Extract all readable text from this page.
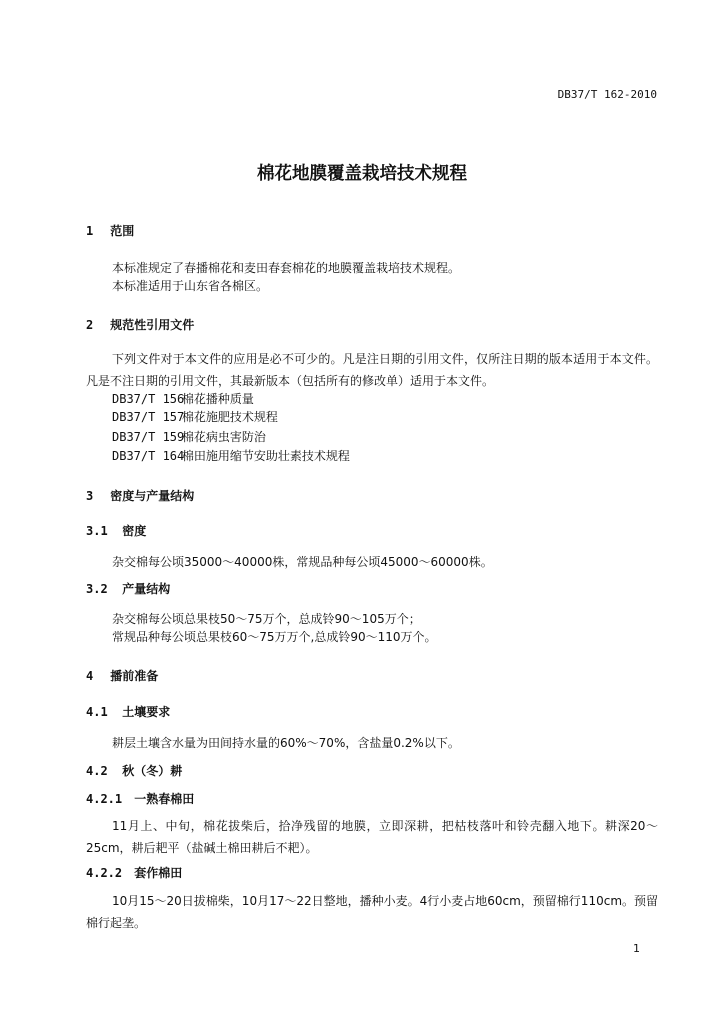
DB37/T 162-2010
棉花地膜覆盖栽培技术规程
1 范围
本标准规定了春播棉花和麦田春套棉花的地膜覆盖栽培技术规程。
本标准适用于山东省各棉区。
2 规范性引用文件
下列文件对于本文件的应用是必不可少的。凡是注日期的引用文件，仅所注日期的版本适用于本文件。凡是不注日期的引用文件，其最新版本（包括所有的修改单）适用于本文件。
DB37/T 156 棉花播种质量
DB37/T 157 棉花施肥技术规程
DB37/T 159 棉花病虫害防治
DB37/T 164 棉田施用缩节安助壮素技术规程
3 密度与产量结构
3.1 密度
杂交棉每公顷35000～40000株，常规品种每公顷45000～60000株。
3.2 产量结构
杂交棉每公顷总果枝50～75万个，总成铃90～105万个；
常规品种每公顷总果枝60～75万万个,总成铃90～110万个。
4 播前准备
4.1 土壤要求
耕层土壤含水量为田间持水量的60%～70%，含盐量0.2%以下。
4.2 秋（冬）耕
4.2.1 一熟春棉田
11月上、中旬，棉花拔柴后，拾净残留的地膜，立即深耕，把枯枝落叶和铃壳翻入地下。耕深20～25cm，耕后耙平（盐碱土棉田耕后不耙）。
4.2.2 套作棉田
10月15～20日拔棉柴，10月17～22日整地，播种小麦。4行小麦占地60cm，预留棉行110cm。预留棉行起垄。
1
